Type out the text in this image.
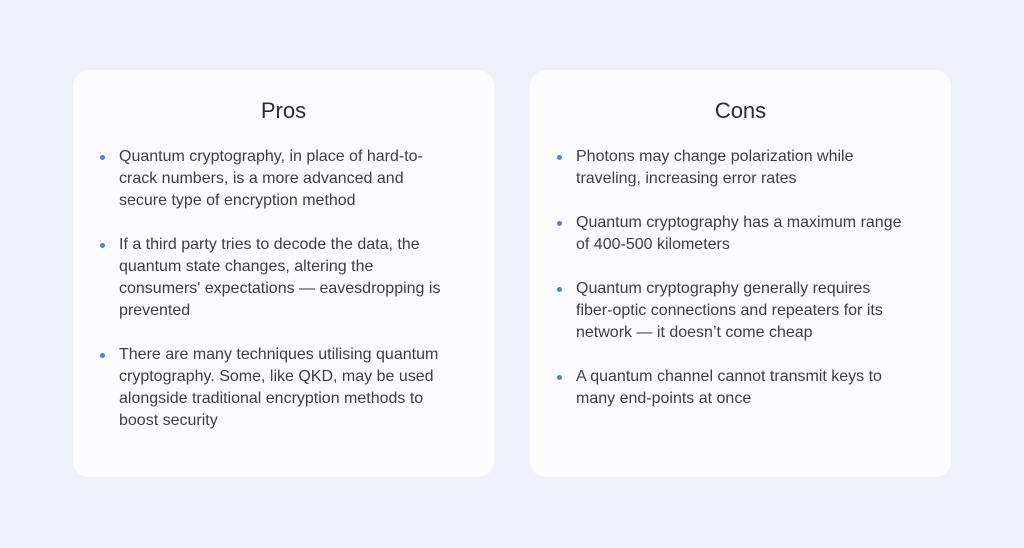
Pros
Quantum cryptography, in place of hard-to-crack numbers, is a more advanced and secure type of encryption method
If a third party tries to decode the data, the quantum state changes, altering the consumers' expectations — eavesdropping is prevented
There are many techniques utilising quantum cryptography. Some, like QKD, may be used alongside traditional encryption methods to boost security
Cons
Photons may change polarization while traveling, increasing error rates
Quantum cryptography has a maximum range of 400-500 kilometers
Quantum cryptography generally requires fiber-optic connections and repeaters for its network — it doesn’t come cheap
A quantum channel cannot transmit keys to many end-points at once
